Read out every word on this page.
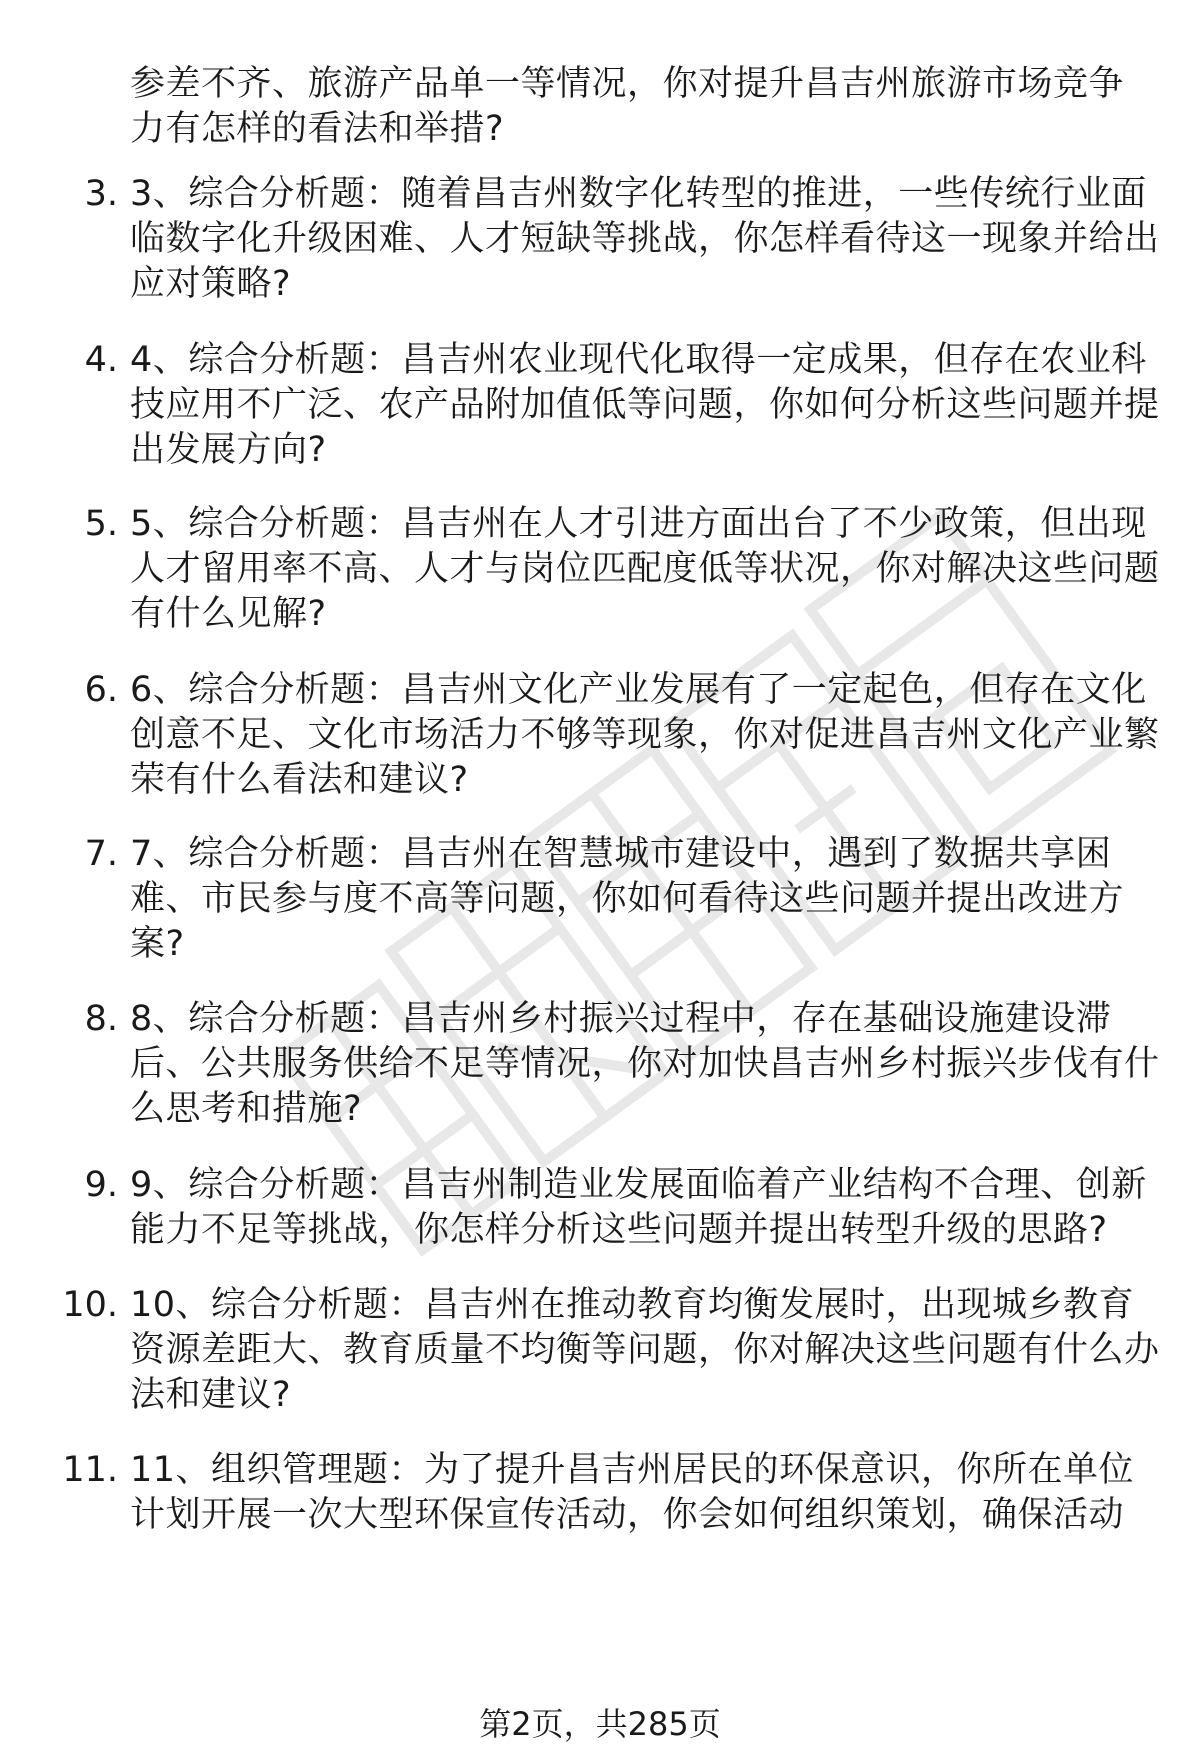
参差不齐、旅游产品单一等情况，你对提升昌吉州旅游市场竞争力有怎样的看法和举措?
3. 3、综合分析题：随着昌吉州数字化转型的推进，一些传统行业面临数字化升级困难、人才短缺等挑战，你怎样看待这一现象并给出应对策略?
4. 4、综合分析题：昌吉州农业现代化取得一定成果，但存在农业科技应用不广泛、农产品附加值低等问题，你如何分析这些问题并提出发展方向?
5. 5、综合分析题：昌吉州在人才引进方面出台了不少政策，但出现人才留用率不高、人才与岗位匹配度低等状况，你对解决这些问题有什么见解?
6. 6、综合分析题：昌吉州文化产业发展有了一定起色，但存在文化创意不足、文化市场活力不够等现象，你对促进昌吉州文化产业繁荣有什么看法和建议?
7. 7、综合分析题：昌吉州在智慧城市建设中，遇到了数据共享困难、市民参与度不高等问题，你如何看待这些问题并提出改进方案?
8. 8、综合分析题：昌吉州乡村振兴过程中，存在基础设施建设滞后、公共服务供给不足等情况，你对加快昌吉州乡村振兴步伐有什么思考和措施?
9. 9、综合分析题：昌吉州制造业发展面临着产业结构不合理、创新能力不足等挑战，你怎样分析这些问题并提出转型升级的思路?
10. 10、综合分析题：昌吉州在推动教育均衡发展时，出现城乡教育资源差距大、教育质量不均衡等问题，你对解决这些问题有什么办法和建议?
11. 11、组织管理题：为了提升昌吉州居民的环保意识，你所在单位计划开展一次大型环保宣传活动，你会如何组织策划，确保活动
第2页，共285页
